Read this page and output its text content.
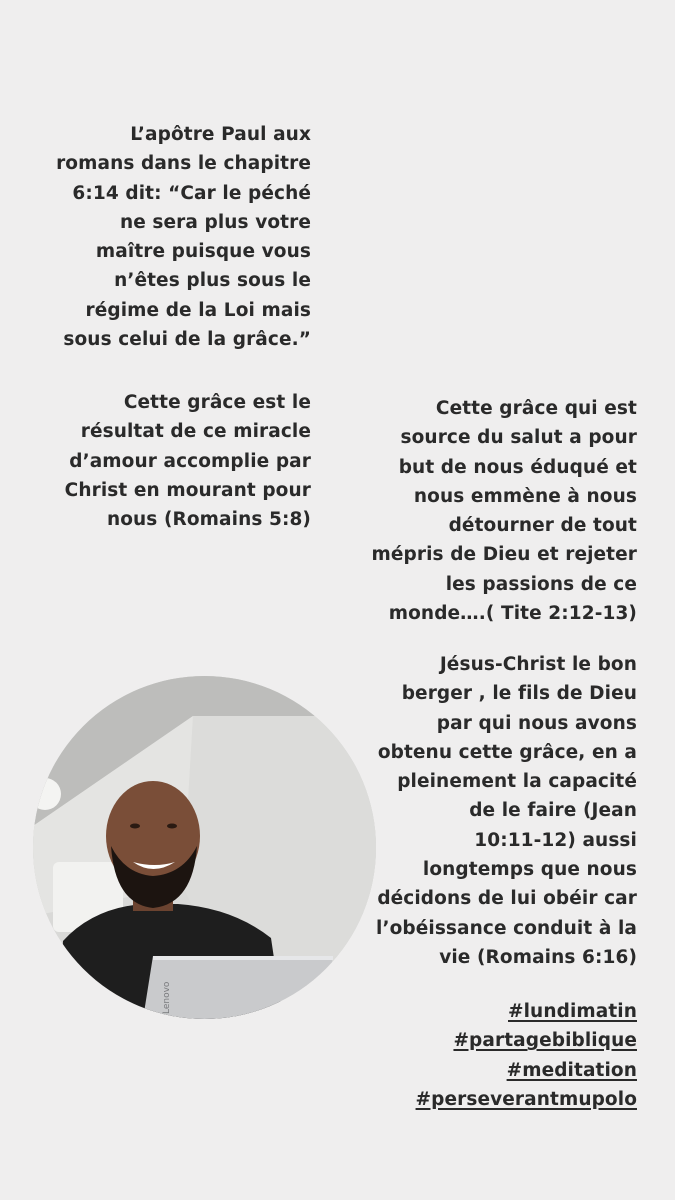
L’apôtre Paul aux
romans dans le chapitre
6:14 dit: “Car le péché
ne sera plus votre
maître puisque vous
n’êtes plus sous le
régime de la Loi mais
sous celui de la grâce.”
Cette grâce est le
résultat de ce miracle
d’amour accomplie par
Christ en mourant pour
nous (Romains 5:8)
Cette grâce qui est
source du salut a pour
but de nous éduqué et
nous emmène à nous
détourner de tout
mépris de Dieu et rejeter
les passions de ce
monde….( Tite 2:12-13)
Jésus-Christ le bon
berger , le fils de Dieu
par qui nous avons
obtenu cette grâce, en a
pleinement la capacité
de le faire (Jean
10:11-12) aussi
longtemps que nous
décidons de lui obéir car
l’obéissance conduit à la
vie (Romains 6:16)
#lundimatin
#partagebiblique
#meditation
#perseverantmupolo
Lenovo
